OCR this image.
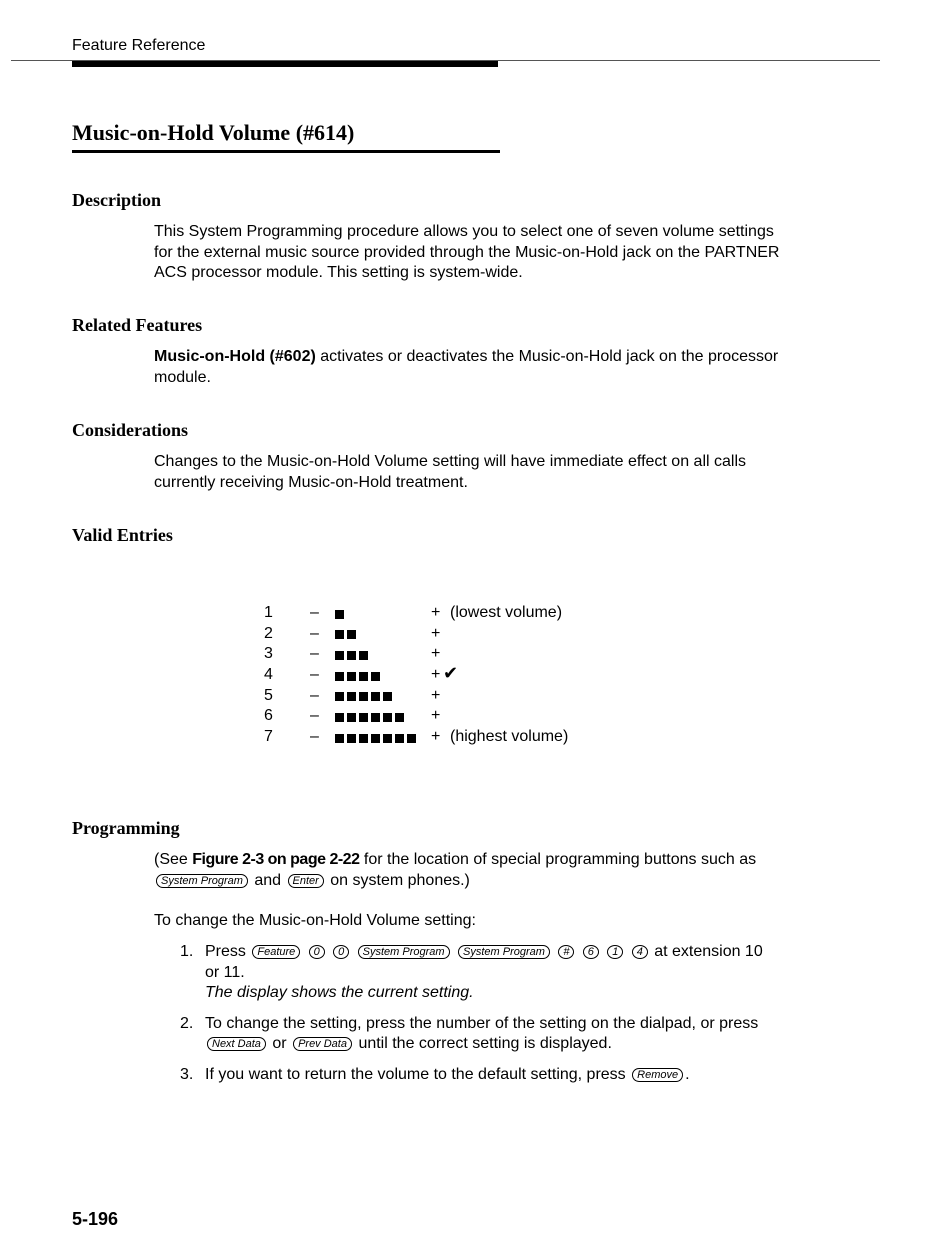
Feature Reference
Music-on-Hold Volume (#614)
Description

This System Programming procedure allows you to select one of seven volume settings for the external music source provided through the Music-on-Hold jack on the PARTNER ACS processor module. This setting is system-wide.

Related Features

Music-on-Hold (#602) activates or deactivates the Music-on-Hold jack on the processor module.

Considerations

Changes to the Music-on-Hold Volume setting will have immediate effect on all calls currently receiving Music-on-Hold treatment.

Valid Entries
1 –	+ (lowest volume)
2 –	+
3 –	+
4 –	+ ✔
5 –	+
6 –	+
7 –	+ (highest volume)
Programming

(See Figure 2-3 on page 2-22 for the location of special programming buttons such as System Program and Enter on system phones.)

To change the Music-on-Hold Volume setting:

1. Press Feature 0 0 System Program System Program # 6 1 4 at extension 10 or 11.
The display shows the current setting.
2. To change the setting, press the number of the setting on the dialpad, or press Next Data or Prev Data until the correct setting is displayed.
3. If you want to return the volume to the default setting, press Remove .
5-196
